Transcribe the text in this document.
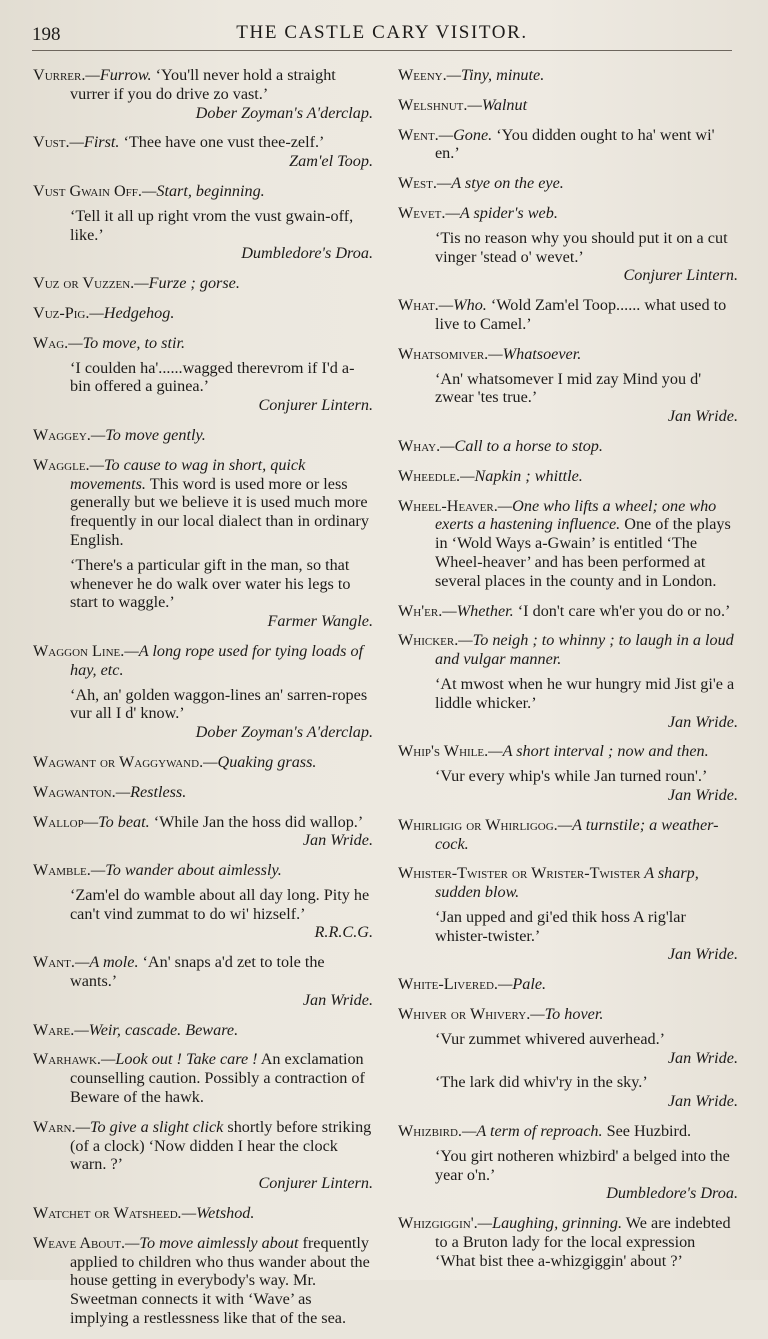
198	THE CASTLE CARY VISITOR.
Vurrer.—Furrow. ‘You'll never hold a straight vurrer if you do drive zo vast.’
Dober Zoyman's A'derclap.
Vust.—First. ‘Thee have one vust thee-zelf.’
Zam'el Toop.
Vust Gwain Off.—Start, beginning.
‘Tell it all up right vrom the vust gwain-off, like.’
Dumbledore's Droa.
Vuz or Vuzzen.—Furze ; gorse.
Vuz-Pig.—Hedgehog.
Wag.—To move, to stir.
‘I coulden ha'......wagged therevrom if I'd a-bin offered a guinea.’
Conjurer Lintern.
Waggey.—To move gently.
Waggle.—To cause to wag in short, quick movements. This word is used more or less generally but we believe it is used much more frequently in our local dialect than in ordinary English.
‘There's a particular gift in the man, so that whenever he do walk over water his legs to start to waggle.’
Farmer Wangle.
Waggon Line.—A long rope used for tying loads of hay, etc.
‘Ah, an' golden waggon-lines an' sarren-ropes vur all I d' know.’
Dober Zoyman's A'derclap.
Wagwant or Waggywand.—Quaking grass.
Wagwanton.—Restless.
Wallop—To beat. ‘While Jan the hoss did wallop.’
Jan Wride.
Wamble.—To wander about aimlessly.
‘Zam'el do wamble about all day long. Pity he can't vind zummat to do wi' hizself.’
R.R.C.G.
Want.—A mole. ‘An' snaps a'd zet to tole the wants.’
Jan Wride.
Ware.—Weir, cascade. Beware.
Warhawk.—Look out ! Take care ! An exclamation counselling caution. Possibly a contraction of Beware of the hawk.
Warn.—To give a slight click shortly before striking (of a clock) ‘Now didden I hear the clock warn. ?’
Conjurer Lintern.
Watchet or Watsheed.—Wetshod.
Weave About.—To move aimlessly about frequently applied to children who thus wander about the house getting in everybody's way. Mr. Sweetman connects it with ‘Wave’ as implying a restlessness like that of the sea.
Weeny.—Tiny, minute.
Welshnut.—Walnut
Went.—Gone. ‘You didden ought to ha' went wi' en.’
West.—A stye on the eye.
Wevet.—A spider's web.
‘Tis no reason why you should put it on a cut vinger 'stead o' wevet.’
Conjurer Lintern.
What.—Who. ‘Wold Zam'el Toop...... what used to live to Camel.’
Whatsomiver.—Whatsoever.
‘An' whatsomever I mid zay Mind you d' zwear 'tes true.’
Jan Wride.
Whay.—Call to a horse to stop.
Wheedle.—Napkin ; whittle.
Wheel-Heaver.—One who lifts a wheel; one who exerts a hastening influence. One of the plays in ‘Wold Ways a-Gwain’ is entitled ‘The Wheel-heaver’ and has been performed at several places in the county and in London.
Wh'er.—Whether. ‘I don't care wh'er you do or no.’
Whicker.—To neigh ; to whinny ; to laugh in a loud and vulgar manner.
‘At mwost when he wur hungry mid Jist gi'e a liddle whicker.’
Jan Wride.
Whip's While.—A short interval ; now and then.
‘Vur every whip's while Jan turned roun'.’
Jan Wride.
Whirligig or Whirligog.—A turnstile; a weather-cock.
Whister-Twister or Wrister-Twister A sharp, sudden blow.
‘Jan upped and gi'ed thik hoss A rig'lar whister-twister.’
Jan Wride.
White-Livered.—Pale.
Whiver or Whivery.—To hover.
‘Vur zummet whivered auverhead.’
Jan Wride.
‘The lark did whiv'ry in the sky.’
Jan Wride.
Whizbird.—A term of reproach. See Huzbird.
‘You girt notheren whizbird' a belged into the year o'n.’
Dumbledore's Droa.
Whizgiggin'.—Laughing, grinning. We are indebted to a Bruton lady for the local expression ‘What bist thee a-whizgiggin' about ?’
